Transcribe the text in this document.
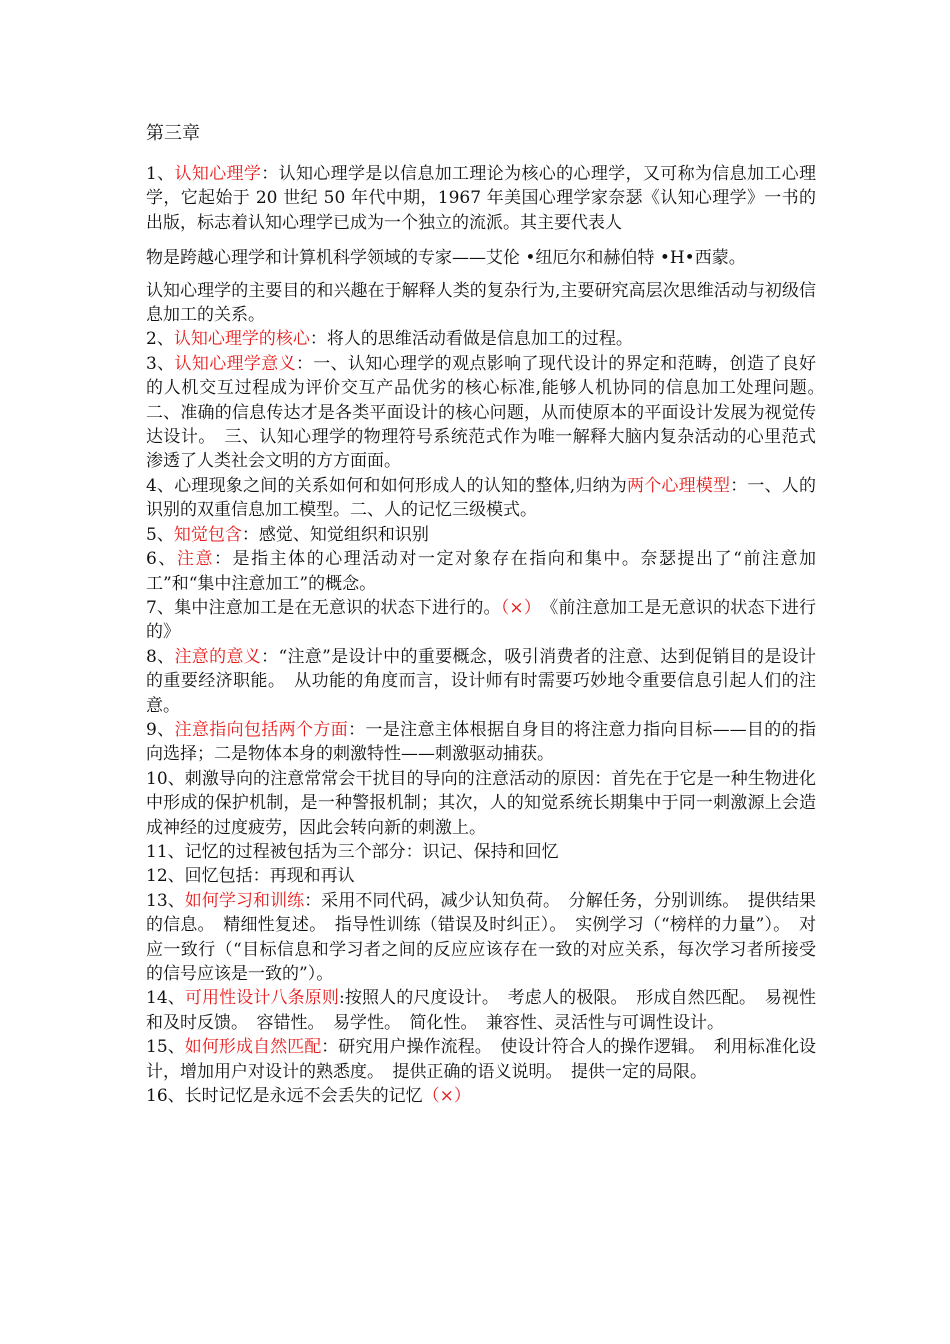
第三章

1、认知心理学：认知心理学是以信息加工理论为核心的心理学，又可称为信息加工心理学，它起始于 20 世纪 50 年代中期，1967 年美国心理学家奈瑟《认知心理学》一书的出版，标志着认知心理学已成为一个独立的流派。其主要代表人

物是跨越心理学和计算机科学领域的专家——艾伦 •纽厄尔和赫伯特 •H•西蒙。

认知心理学的主要目的和兴趣在于解释人类的复杂行为,主要研究高层次思维活动与初级信息加工的关系。

2、认知心理学的核心：将人的思维活动看做是信息加工的过程。

3、认知心理学意义：一、认知心理学的观点影响了现代设计的界定和范畴，创造了良好的人机交互过程成为评价交互产品优劣的核心标准,能够人机协同的信息加工处理问题。　二、准确的信息传达才是各类平面设计的核心问题，从而使原本的平面设计发展为视觉传达设计。　三、认知心理学的物理符号系统范式作为唯一解释大脑内复杂活动的心里范式渗透了人类社会文明的方方面面。

4、心理现象之间的关系如何和如何形成人的认知的整体,归纳为两个心理模型：一、人的识别的双重信息加工模型。二、人的记忆三级模式。

5、知觉包含：感觉、知觉组织和识别

6、注意：是指主体的心理活动对一定对象存在指向和集中。奈瑟提出了“前注意加工”和“集中注意加工”的概念。

7、集中注意加工是在无意识的状态下进行的。（×）　《前注意加工是无意识的状态下进行的》

8、注意的意义：“注意”是设计中的重要概念，吸引消费者的注意、达到促销目的是设计的重要经济职能。　从功能的角度而言，设计师有时需要巧妙地令重要信息引起人们的注意。

9、注意指向包括两个方面：一是注意主体根据自身目的将注意力指向目标——目的的指向选择；二是物体本身的刺激特性——刺激驱动捕获。

10、刺激导向的注意常常会干扰目的导向的注意活动的原因：首先在于它是一种生物进化中形成的保护机制，是一种警报机制；其次，人的知觉系统长期集中于同一刺激源上会造成神经的过度疲劳，因此会转向新的刺激上。

11、记忆的过程被包括为三个部分：识记、保持和回忆

12、回忆包括：再现和再认

13、如何学习和训练：采用不同代码，减少认知负荷。　分解任务，分别训练。　提供结果的信息。　精细性复述。　指导性训练（错误及时纠正）。　实例学习（“榜样的力量”）。　对应一致行（“目标信息和学习者之间的反应应该存在一致的对应关系，每次学习者所接受的信号应该是一致的”）。

14、可用性设计八条原则:按照人的尺度设计。　考虑人的极限。　形成自然匹配。　易视性和及时反馈。　容错性。　易学性。　简化性。　兼容性、灵活性与可调性设计。

15、如何形成自然匹配：研究用户操作流程。　使设计符合人的操作逻辑。　利用标准化设计，增加用户对设计的熟悉度。　提供正确的语义说明。　提供一定的局限。

16、长时记忆是永远不会丢失的记忆（×）
